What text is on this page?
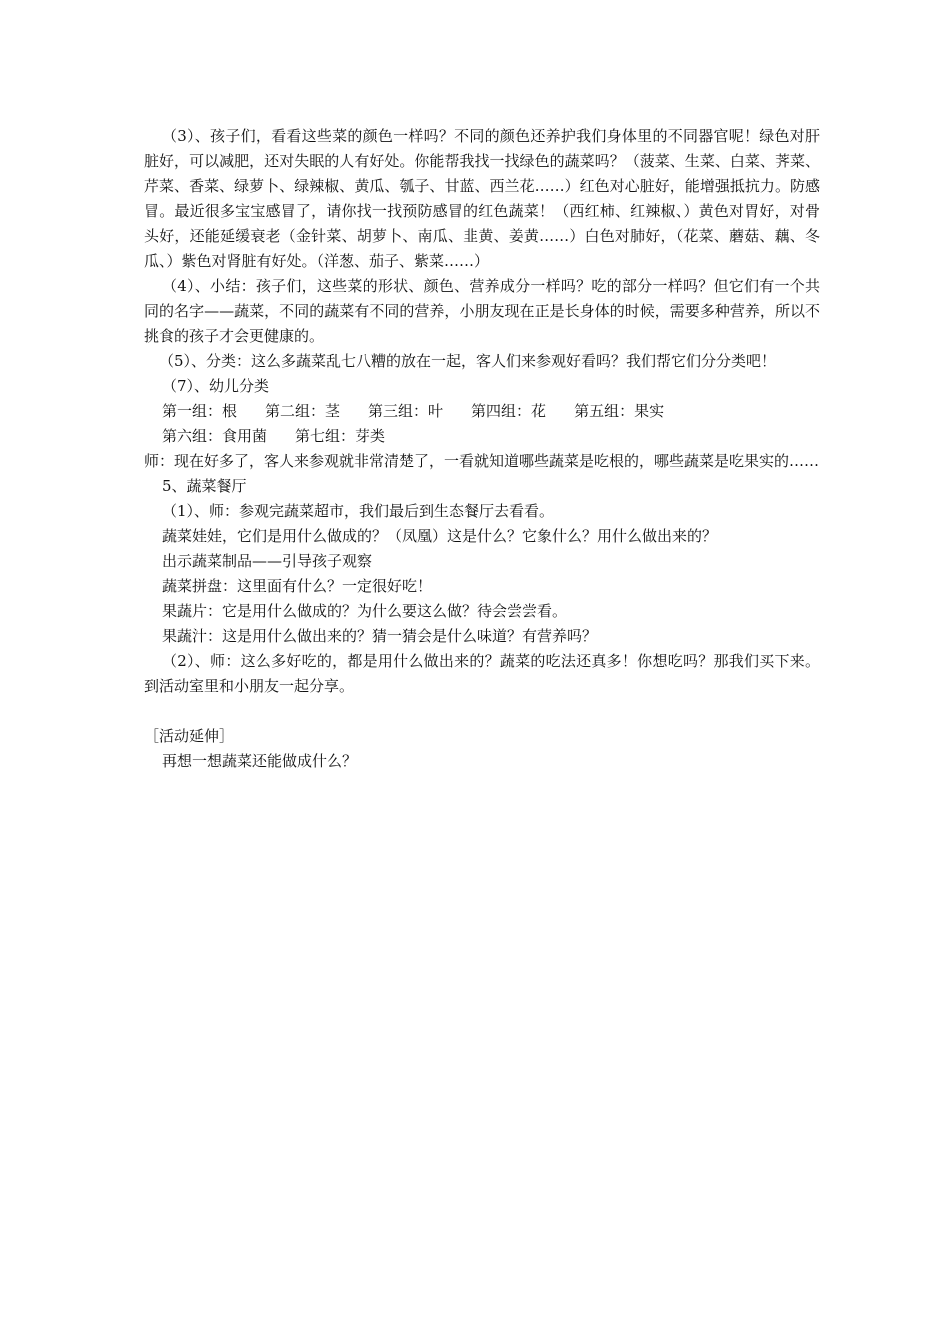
（3）、孩子们，看看这些菜的颜色一样吗？不同的颜色还养护我们身体里的不同器官呢！绿色对肝脏好，可以减肥，还对失眠的人有好处。你能帮我找一找绿色的蔬菜吗？（菠菜、生菜、白菜、荠菜、芹菜、香菜、绿萝卜、绿辣椒、黄瓜、瓠子、甘蓝、西兰花……）红色对心脏好，能增强抵抗力。防感冒。最近很多宝宝感冒了，请你找一找预防感冒的红色蔬菜！（西红柿、红辣椒、）黄色对胃好，对骨头好，还能延缓衰老（金针菜、胡萝卜、南瓜、韭黄、姜黄……）白色对肺好，（花菜、蘑菇、藕、冬瓜、）紫色对肾脏有好处。（洋葱、茄子、紫菜……）

（4）、小结：孩子们，这些菜的形状、颜色、营养成分一样吗？吃的部分一样吗？但它们有一个共同的名字——蔬菜，不同的蔬菜有不同的营养，小朋友现在正是长身体的时候，需要多种营养，所以不挑食的孩子才会更健康的。

（5）、分类：这么多蔬菜乱七八糟的放在一起，客人们来参观好看吗？我们帮它们分分类吧！

（7）、幼儿分类

第一组：根 第二组：茎 第三组：叶 第四组：花 第五组：果实第六组：食用菌 第七组：芽类

师：现在好多了，客人来参观就非常清楚了，一看就知道哪些蔬菜是吃根的，哪些蔬菜是吃果实的……

5、蔬菜餐厅

（1）、师：参观完蔬菜超市，我们最后到生态餐厅去看看。

蔬菜娃娃，它们是用什么做成的？（凤凰）这是什么？它象什么？用什么做出来的？

出示蔬菜制品——引导孩子观察

蔬菜拼盘：这里面有什么？一定很好吃！

果蔬片：它是用什么做成的？为什么要这么做？待会尝尝看。

果蔬汁：这是用什么做出来的？猜一猜会是什么味道？有营养吗？

（2）、师：这么多好吃的，都是用什么做出来的？蔬菜的吃法还真多！你想吃吗？那我们买下来。到活动室里和小朋友一起分享。

［活动延伸］

再想一想蔬菜还能做成什么？
